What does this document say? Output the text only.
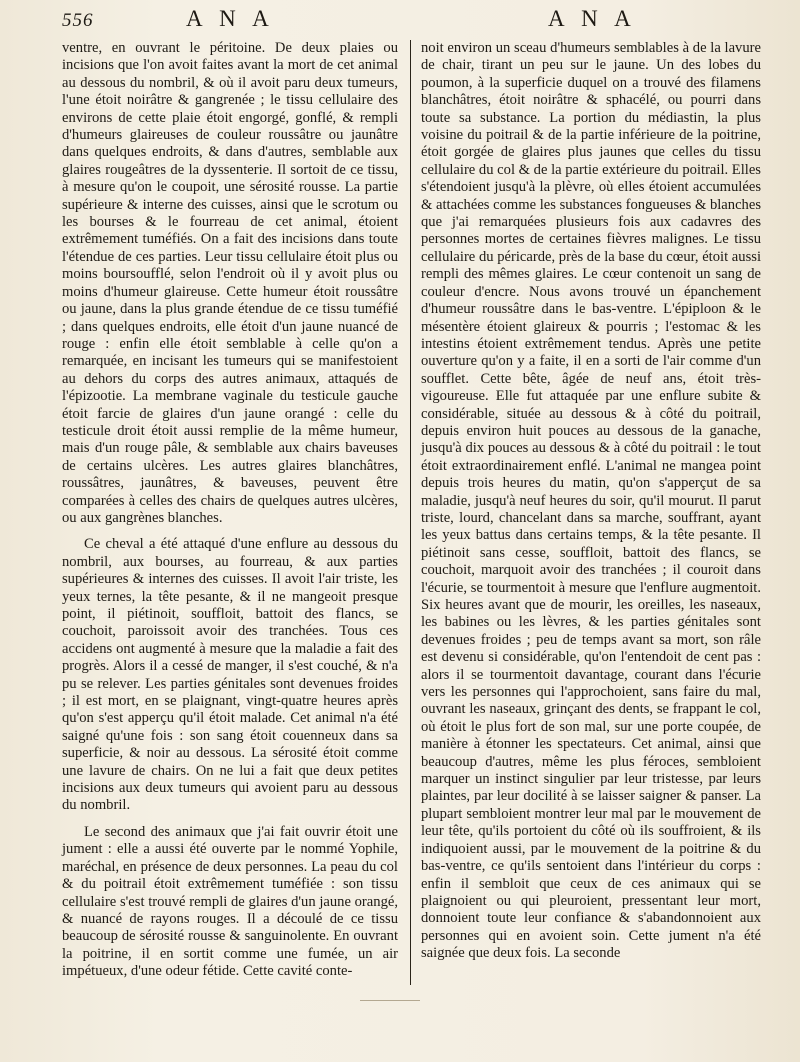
556	A N A	A N A

ventre, en ouvrant le péritoine. De deux plaies ou incisions que l'on avoit faites avant la mort de cet animal au dessous du nombril, & où il avoit paru deux tumeurs, l'une étoit noirâtre & gangrenée ; le tissu cellulaire des environs de cette plaie étoit engorgé, gonflé, & rempli d'humeurs glaireuses de couleur roussâtre ou jaunâtre dans quelques endroits, & dans d'autres, semblable aux glaires rougeâtres de la dyssenterie. Il sortoit de ce tissu, à mesure qu'on le coupoit, une sérosité rousse. La partie supérieure & interne des cuisses, ainsi que le scrotum ou les bourses & le fourreau de cet animal, étoient extrêmement tuméfiés. On a fait des incisions dans toute l'étendue de ces parties. Leur tissu cellulaire étoit plus ou moins boursoufflé, selon l'endroit où il y avoit plus ou moins d'humeur glaireuse. Cette humeur étoit roussâtre ou jaune, dans la plus grande étendue de ce tissu tuméfié ; dans quelques endroits, elle étoit d'un jaune nuancé de rouge : enfin elle étoit semblable à celle qu'on a remarquée, en incisant les tumeurs qui se manifestoient au dehors du corps des autres animaux, attaqués de l'épizootie. La membrane vaginale du testicule gauche étoit farcie de glaires d'un jaune orangé : celle du testicule droit étoit aussi remplie de la même humeur, mais d'un rouge pâle, & semblable aux chairs baveuses de certains ulcères. Les autres glaires blanchâtres, roussâtres, jaunâtres, & baveuses, peuvent être comparées à celles des chairs de quelques autres ulcères, ou aux gangrènes blanches.

Ce cheval a été attaqué d'une enflure au dessous du nombril, aux bourses, au fourreau, & aux parties supérieures & internes des cuisses. Il avoit l'air triste, les yeux ternes, la tête pesante, & il ne mangeoit presque point, il piétinoit, souffloit, battoit des flancs, se couchoit, paroissoit avoir des tranchées. Tous ces accidens ont augmenté à mesure que la maladie a fait des progrès. Alors il a cessé de manger, il s'est couché, & n'a pu se relever. Les parties génitales sont devenues froides ; il est mort, en se plaignant, vingt-quatre heures après qu'on s'est apperçu qu'il étoit malade. Cet animal n'a été saigné qu'une fois : son sang étoit couenneux dans sa superficie, & noir au dessous. La sérosité étoit comme une lavure de chairs. On ne lui a fait que deux petites incisions aux deux tumeurs qui avoient paru au dessous du nombril.

Le second des animaux que j'ai fait ouvrir étoit une jument : elle a aussi été ouverte par le nommé Yophile, maréchal, en présence de deux personnes. La peau du col & du poitrail étoit extrêmement tuméfiée : son tissu cellulaire s'est trouvé rempli de glaires d'un jaune orangé, & nuancé de rayons rouges. Il a découlé de ce tissu beaucoup de sérosité rousse & sanguinolente. En ouvrant la poitrine, il en sortit comme une fumée, un air impétueux, d'une odeur fétide. Cette cavité conte-

noit environ un sceau d'humeurs semblables à de la lavure de chair, tirant un peu sur le jaune. Un des lobes du poumon, à la superficie duquel on a trouvé des filamens blanchâtres, étoit noirâtre & sphacélé, ou pourri dans toute sa substance. La portion du médiastin, la plus voisine du poitrail & de la partie inférieure de la poitrine, étoit gorgée de glaires plus jaunes que celles du tissu cellulaire du col & de la partie extérieure du poitrail. Elles s'étendoient jusqu'à la plèvre, où elles étoient accumulées & attachées comme les substances fongueuses & blanches que j'ai remarquées plusieurs fois aux cadavres des personnes mortes de certaines fièvres malignes. Le tissu cellulaire du péricarde, près de la base du cœur, étoit aussi rempli des mêmes glaires. Le cœur contenoit un sang de couleur d'encre. Nous avons trouvé un épanchement d'humeur roussâtre dans le bas-ventre. L'épiploon & le mésentère étoient glaireux & pourris ; l'estomac & les intestins étoient extrêmement tendus. Après une petite ouverture qu'on y a faite, il en a sorti de l'air comme d'un soufflet. Cette bête, âgée de neuf ans, étoit très-vigoureuse. Elle fut attaquée par une enflure subite & considérable, située au dessous & à côté du poitrail, depuis environ huit pouces au dessous de la ganache, jusqu'à dix pouces au dessous & à côté du poitrail : le tout étoit extraordinairement enflé. L'animal ne mangea point depuis trois heures du matin, qu'on s'apperçut de sa maladie, jusqu'à neuf heures du soir, qu'il mourut. Il parut triste, lourd, chancelant dans sa marche, souffrant, ayant les yeux battus dans certains temps, & la tête pesante. Il piétinoit sans cesse, souffloit, battoit des flancs, se couchoit, marquoit avoir des tranchées ; il couroit dans l'écurie, se tourmentoit à mesure que l'enflure augmentoit. Six heures avant que de mourir, les oreilles, les naseaux, les babines ou les lèvres, & les parties génitales sont devenues froides ; peu de temps avant sa mort, son râle est devenu si considérable, qu'on l'entendoit de cent pas : alors il se tourmentoit davantage, courant dans l'écurie vers les personnes qui l'approchoient, sans faire du mal, ouvrant les naseaux, grinçant des dents, se frappant le col, où étoit le plus fort de son mal, sur une porte coupée, de manière à étonner les spectateurs. Cet animal, ainsi que beaucoup d'autres, même les plus féroces, sembloient marquer un instinct singulier par leur tristesse, par leurs plaintes, par leur docilité à se laisser saigner & panser. La plupart sembloient montrer leur mal par le mouvement de leur tête, qu'ils portoient du côté où ils souffroient, & ils indiquoient aussi, par le mouvement de la poitrine & du bas-ventre, ce qu'ils sentoient dans l'intérieur du corps : enfin il sembloit que ceux de ces animaux qui se plaignoient ou qui pleuroient, pressentant leur mort, donnoient toute leur confiance & s'abandonnoient aux personnes qui en avoient soin. Cette jument n'a été saignée que deux fois. La seconde
